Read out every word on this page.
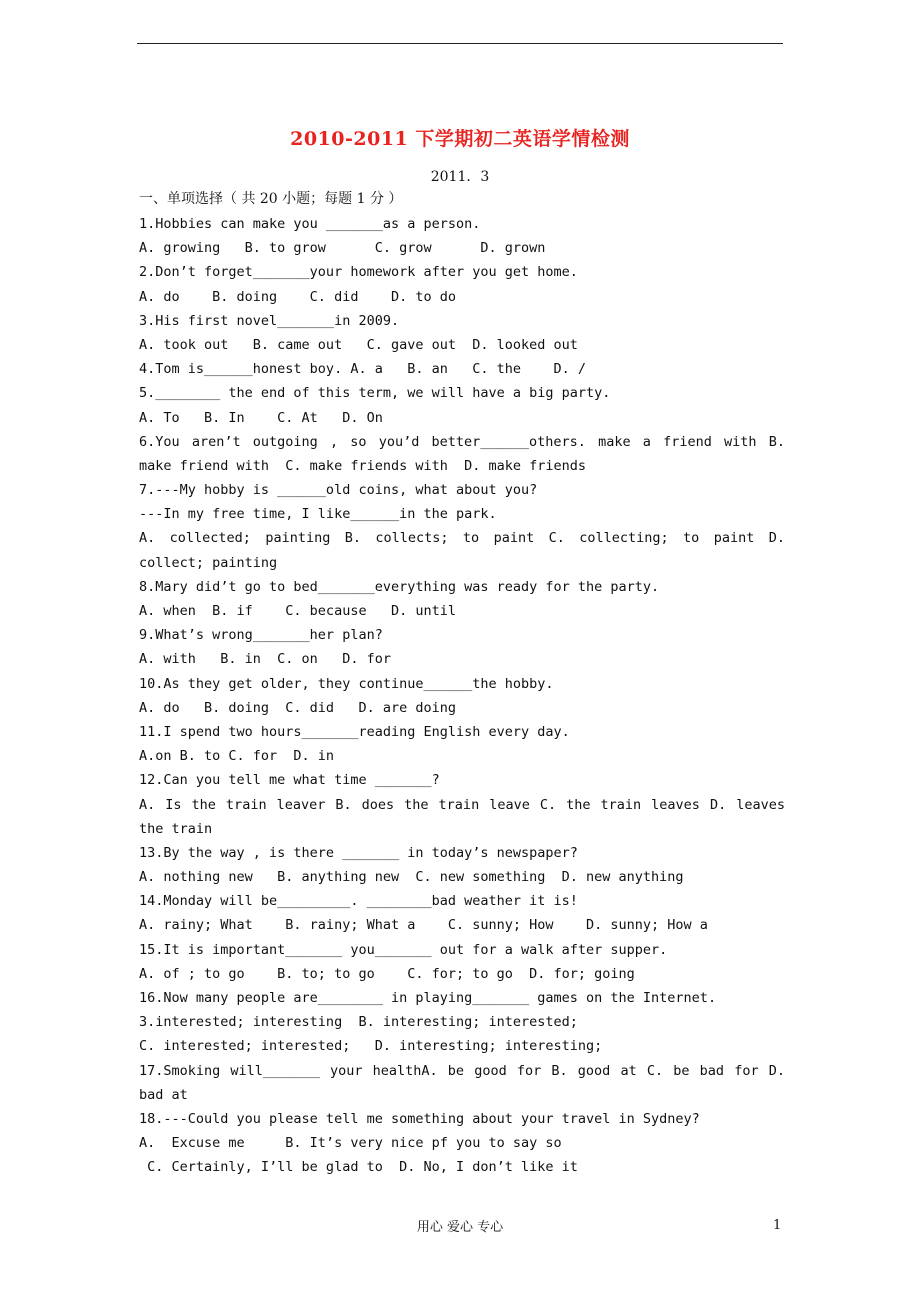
2010-2011 下学期初二英语学情检测
2011．3
一、单项选择（ 共 20 小题；每题 1 分 ）
1.Hobbies can make you _______as a person.
A. growing   B. to grow      C. grow      D. grown
2.Don’t forget_______your homework after you get home.
A. do    B. doing    C. did    D. to do
3.His first novel_______in 2009.
A. took out   B. came out   C. gave out  D. looked out
4.Tom is______honest boy. A. a   B. an   C. the    D. /
5.________ the end of this term, we will have a big party.
A. To   B. In    C. At   D. On
6.You aren’t outgoing , so you’d better______others. make a friend with B.
make friend with  C. make friends with  D. make friends
7.---My hobby is ______old coins, what about you?
---In my free time, I like______in the park.
A. collected; painting B. collects; to paint C. collecting; to paint D.
collect; painting
8.Mary did’t go to bed_______everything was ready for the party.
A. when  B. if    C. because   D. until
9.What’s wrong_______her plan?
A. with   B. in  C. on   D. for
10.As they get older, they continue______the hobby.
A. do   B. doing  C. did   D. are doing
11.I spend two hours_______reading English every day.
A.on B. to C. for  D. in
12.Can you tell me what time _______?
A. Is the train leaver B. does the train leave C. the train leaves D. leaves
the train
13.By the way , is there _______ in today’s newspaper?
A. nothing new   B. anything new  C. new something  D. new anything
14.Monday will be_________. ________bad weather it is!
A. rainy; What    B. rainy; What a    C. sunny; How    D. sunny; How a
15.It is important_______ you_______ out for a walk after supper.
A. of ; to go    B. to; to go    C. for; to go  D. for; going
16.Now many people are________ in playing_______ games on the Internet.
3.interested; interesting  B. interesting; interested;
C. interested; interested;   D. interesting; interesting;
17.Smoking will_______ your healthA. be good for B. good at C. be bad for D.
bad at
18.---Could you please tell me something about your travel in Sydney?
A.  Excuse me     B. It’s very nice pf you to say so
C. Certainly, I’ll be glad to  D. No, I don’t like it
用心 爱心 专心	1
